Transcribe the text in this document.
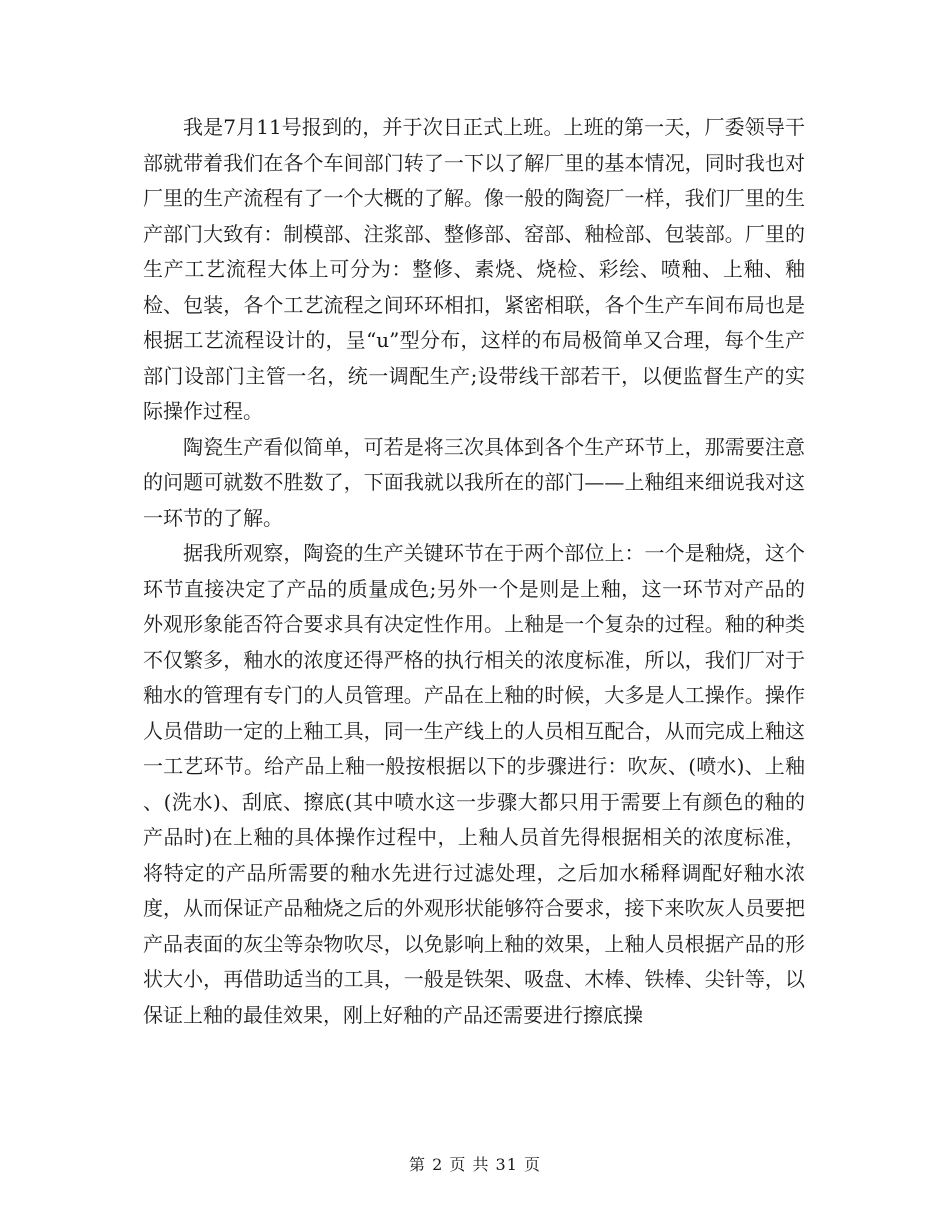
我是7月11号报到的，并于次日正式上班。上班的第一天，厂委领导干部就带着我们在各个车间部门转了一下以了解厂里的基本情况，同时我也对厂里的生产流程有了一个大概的了解。像一般的陶瓷厂一样，我们厂里的生产部门大致有：制模部、注浆部、整修部、窑部、釉检部、包装部。厂里的生产工艺流程大体上可分为：整修、素烧、烧检、彩绘、喷釉、上釉、釉检、包装，各个工艺流程之间环环相扣，紧密相联，各个生产车间布局也是根据工艺流程设计的，呈“u”型分布，这样的布局极简单又合理，每个生产部门设部门主管一名，统一调配生产;设带线干部若干，以便监督生产的实际操作过程。

陶瓷生产看似简单，可若是将三次具体到各个生产环节上，那需要注意的问题可就数不胜数了，下面我就以我所在的部门——上釉组来细说我对这一环节的了解。

据我所观察，陶瓷的生产关键环节在于两个部位上：一个是釉烧，这个环节直接决定了产品的质量成色;另外一个是则是上釉，这一环节对产品的外观形象能否符合要求具有决定性作用。上釉是一个复杂的过程。釉的种类不仅繁多，釉水的浓度还得严格的执行相关的浓度标准，所以，我们厂对于釉水的管理有专门的人员管理。产品在上釉的时候，大多是人工操作。操作人员借助一定的上釉工具，同一生产线上的人员相互配合，从而完成上釉这一工艺环节。给产品上釉一般按根据以下的步骤进行：吹灰、(喷水)、上釉 、(洗水)、刮底、擦底(其中喷水这一步骤大都只用于需要上有颜色的釉的产品时)在上釉的具体操作过程中，上釉人员首先得根据相关的浓度标准，将特定的产品所需要的釉水先进行过滤处理，之后加水稀释调配好釉水浓度，从而保证产品釉烧之后的外观形状能够符合要求，接下来吹灰人员要把产品表面的灰尘等杂物吹尽，以免影响上釉的效果，上釉人员根据产品的形状大小，再借助适当的工具，一般是铁架、吸盘、木棒、铁棒、尖针等，以保证上釉的最佳效果，刚上好釉的产品还需要进行擦底操

第 2 页 共 31 页
